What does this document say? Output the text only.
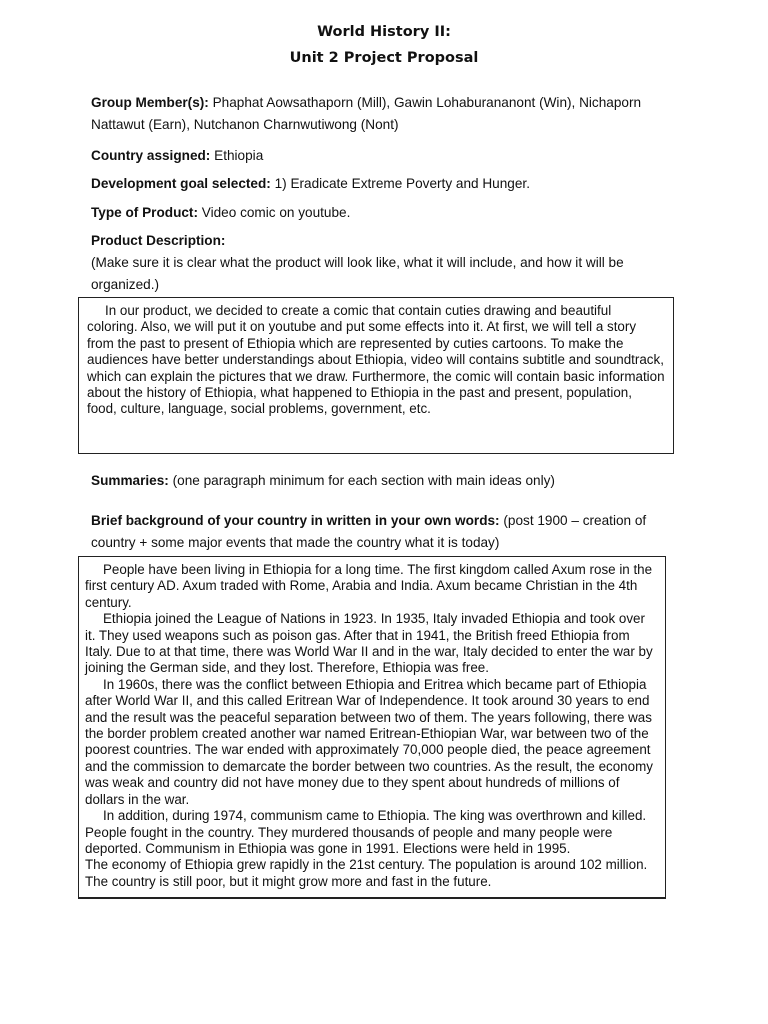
World History II:
Unit 2 Project Proposal

Group Member(s): Phaphat Aowsathaporn (Mill), Gawin Lohaburananont (Win), Nichaporn Nattawut (Earn), Nutchanon Charnwutiwong (Nont)

Country assigned: Ethiopia

Development goal selected: 1) Eradicate Extreme Poverty and Hunger.

Type of Product: Video comic on youtube.

Product Description:

(Make sure it is clear what the product will look like, what it will include, and how it will be organized.)

In our product, we decided to create a comic that contain cuties drawing and beautiful coloring. Also, we will put it on youtube and put some effects into it. At first, we will tell a story from the past to present of Ethiopia which are represented by cuties cartoons. To make the audiences have better understandings about Ethiopia, video will contains subtitle and soundtrack, which can explain the pictures that we draw. Furthermore, the comic will contain basic information about the history of Ethiopia, what happened to Ethiopia in the past and present, population, food, culture, language, social problems, government, etc.

Summaries: (one paragraph minimum for each section with main ideas only)

Brief background of your country in written in your own words: (post 1900 – creation of country + some major events that made the country what it is today)

People have been living in Ethiopia for a long time. The first kingdom called Axum rose in the first century AD. Axum traded with Rome, Arabia and India. Axum became Christian in the 4th century.

Ethiopia joined the League of Nations in 1923. In 1935, Italy invaded Ethiopia and took over it. They used weapons such as poison gas. After that in 1941, the British freed Ethiopia from Italy. Due to at that time, there was World War II and in the war, Italy decided to enter the war by joining the German side, and they lost. Therefore, Ethiopia was free.

In 1960s, there was the conflict between Ethiopia and Eritrea which became part of Ethiopia after World War II, and this called Eritrean War of Independence. It took around 30 years to end and the result was the peaceful separation between two of them. The years following, there was the border problem created another war named Eritrean-Ethiopian War, war between two of the poorest countries. The war ended with approximately 70,000 people died, the peace agreement and the commission to demarcate the border between two countries. As the result, the economy was weak and country did not have money due to they spent about hundreds of millions of dollars in the war.

In addition, during 1974, communism came to Ethiopia. The king was overthrown and killed. People fought in the country. They murdered thousands of people and many people were deported. Communism in Ethiopia was gone in 1991. Elections were held in 1995.

The economy of Ethiopia grew rapidly in the 21st century. The population is around 102 million. The country is still poor, but it might grow more and fast in the future.
